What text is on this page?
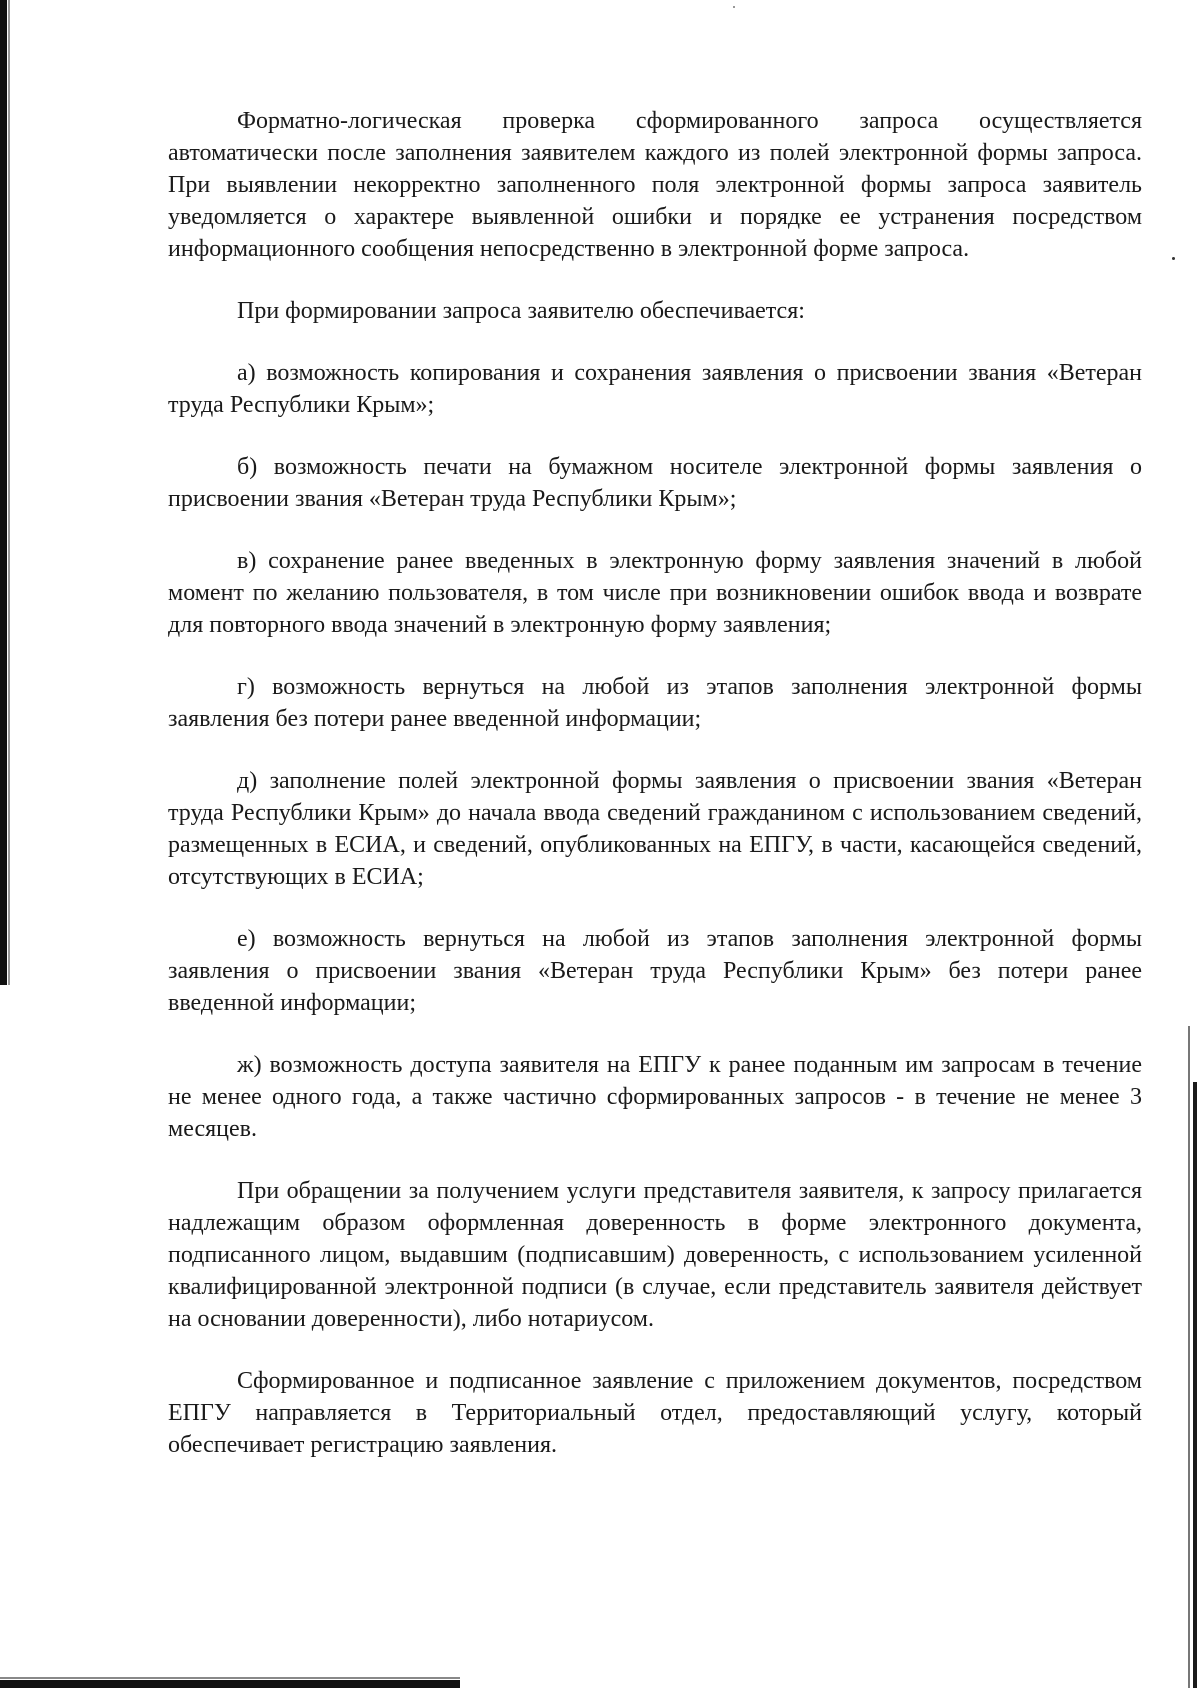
Форматно-логическая проверка сформированного запроса осуществляется автоматически после заполнения заявителем каждого из полей электронной формы запроса. При выявлении некорректно заполненного поля электронной формы запроса заявитель уведомляется о характере выявленной ошибки и порядке ее устранения посредством информационного сообщения непосредственно в электронной форме запроса.

При формировании запроса заявителю обеспечивается:

а) возможность копирования и сохранения заявления о присвоении звания «Ветеран труда Республики Крым»;

б) возможность печати на бумажном носителе электронной формы заявления о присвоении звания «Ветеран труда Республики Крым»;

в) сохранение ранее введенных в электронную форму заявления значений в любой момент по желанию пользователя, в том числе при возникновении ошибок ввода и возврате для повторного ввода значений в электронную форму заявления;

г) возможность вернуться на любой из этапов заполнения электронной формы заявления без потери ранее введенной информации;

д) заполнение полей электронной формы заявления о присвоении звания «Ветеран труда Республики Крым» до начала ввода сведений гражданином с использованием сведений, размещенных в ЕСИА, и сведений, опубликованных на ЕПГУ, в части, касающейся сведений, отсутствующих в ЕСИА;

е) возможность вернуться на любой из этапов заполнения электронной формы заявления о присвоении звания «Ветеран труда Республики Крым» без потери ранее введенной информации;

ж) возможность доступа заявителя на ЕПГУ к ранее поданным им запросам в течение не менее одного года, а также частично сформированных запросов - в течение не менее 3 месяцев.

При обращении за получением услуги представителя заявителя, к запросу прилагается надлежащим образом оформленная доверенность в форме электронного документа, подписанного лицом, выдавшим (подписавшим) доверенность, с использованием усиленной квалифицированной электронной подписи (в случае, если представитель заявителя действует на основании доверенности), либо нотариусом.

Сформированное и подписанное заявление с приложением документов, посредством ЕПГУ направляется в Территориальный отдел, предоставляющий услугу, который обеспечивает регистрацию заявления.
